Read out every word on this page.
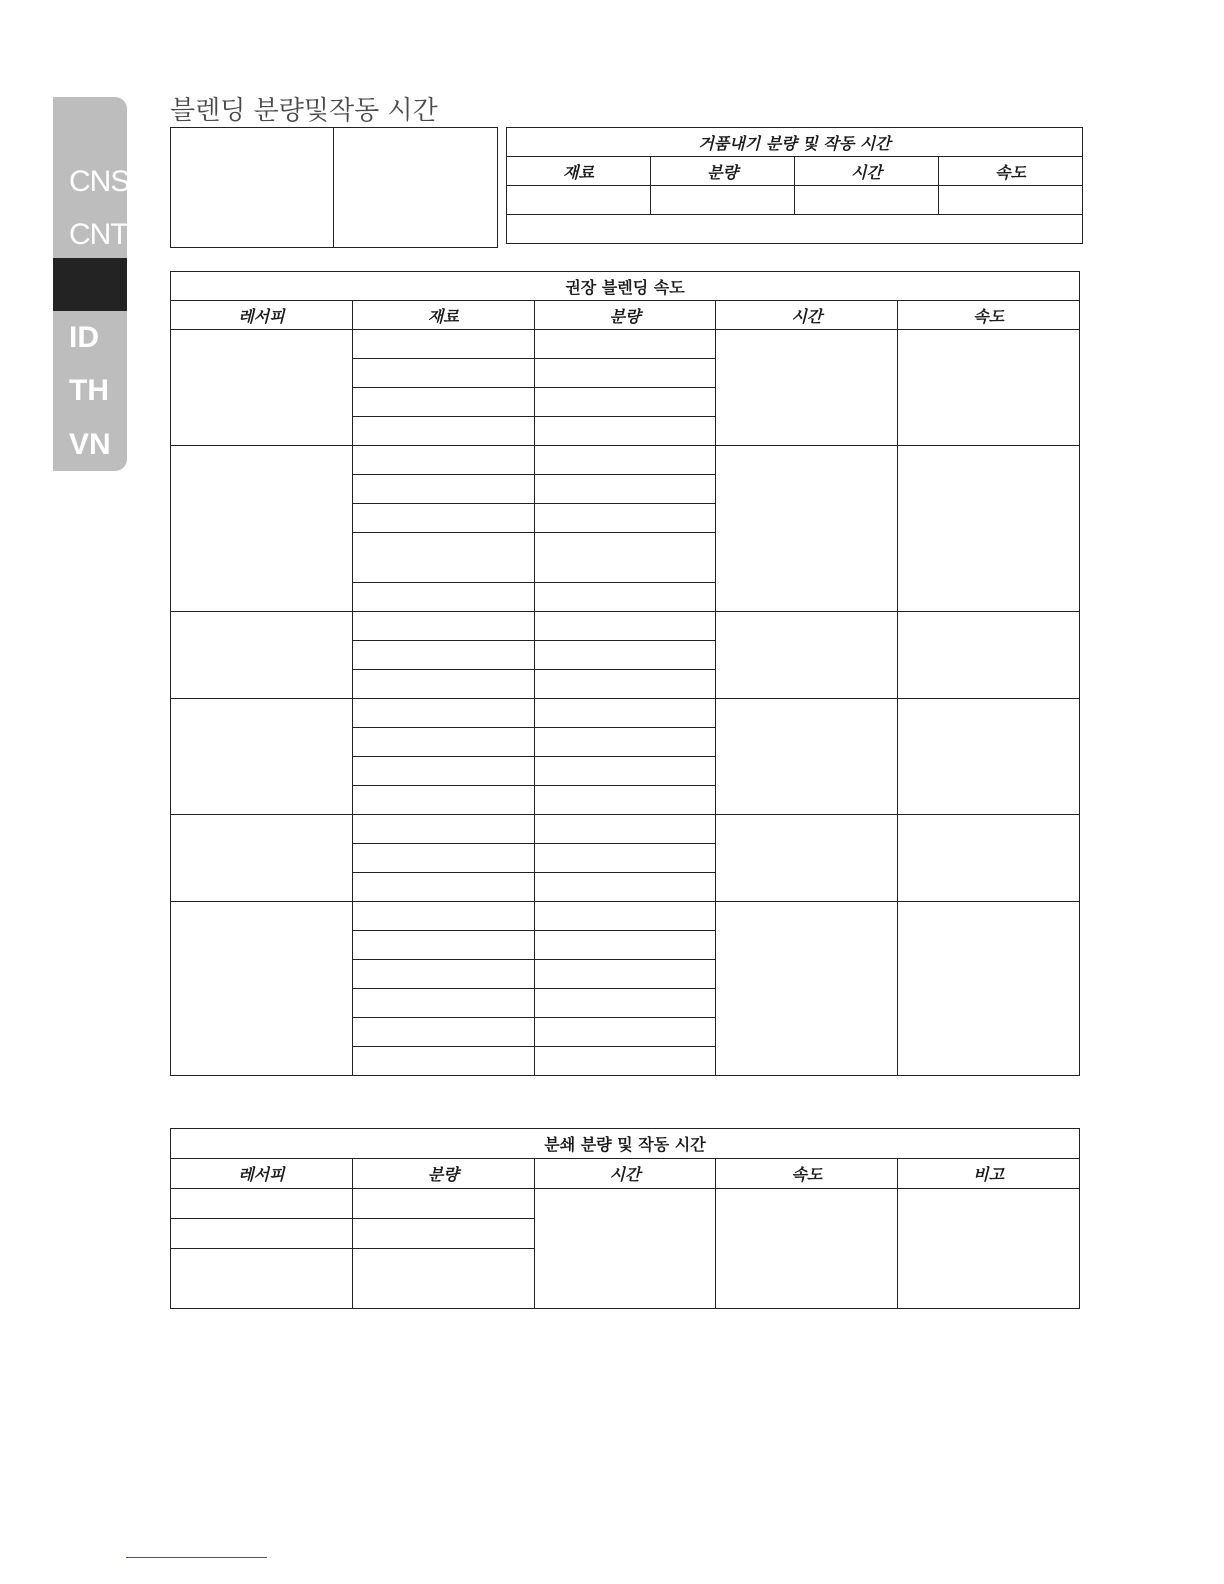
CNS
CNT
ID
TH
VN
블렌딩 분량및작동 시간

거품내기 분량 및 작동 시간			
재료	분량	시간	속도

권장 블렌딩 속도				
레서피	재료	분량	시간	속도

분쇄 분량 및 작동 시간				
레서피	분량	시간	속도	비고
